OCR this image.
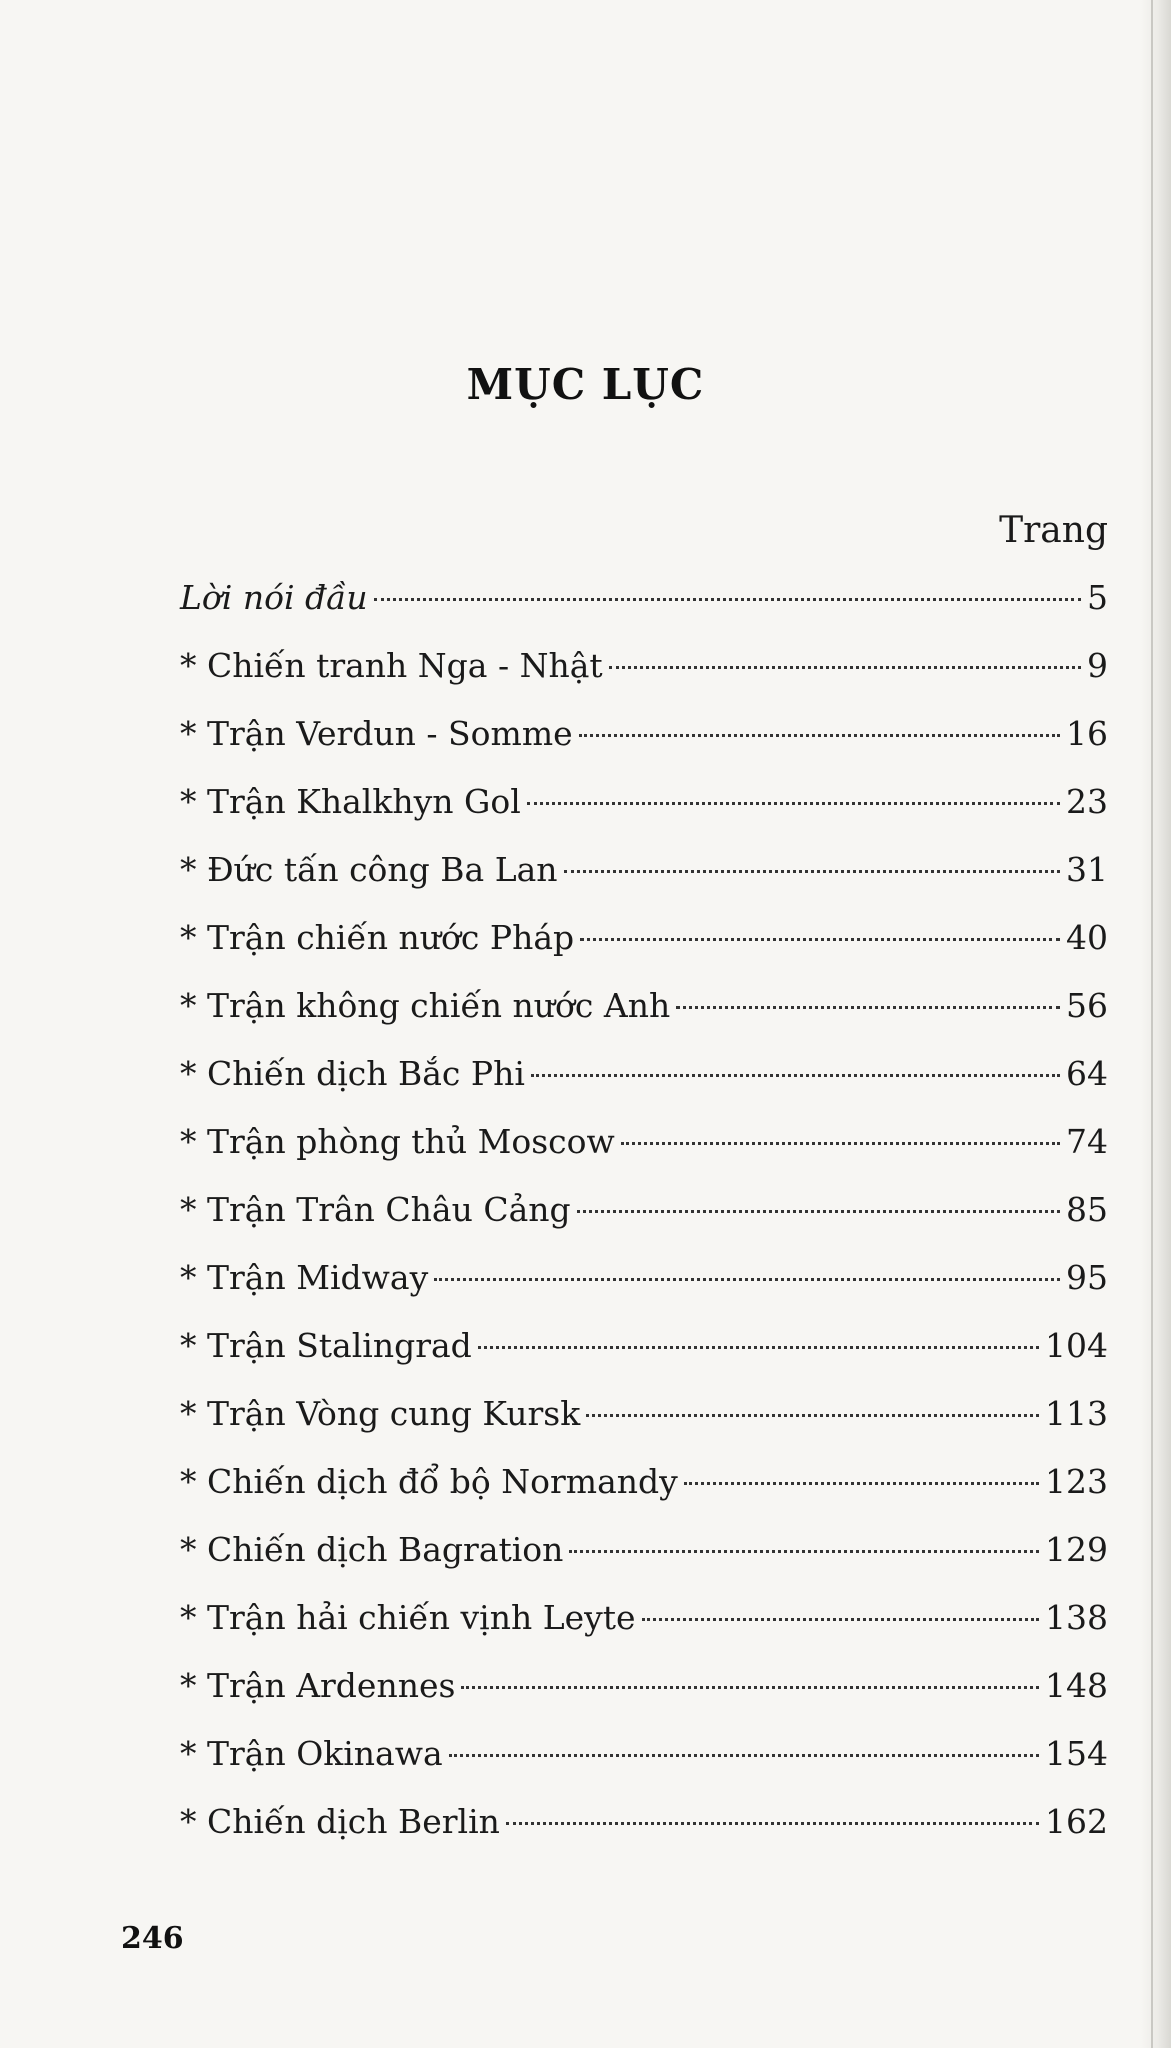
MỤC LỤC
Trang
Lời nói đầu	5
* Chiến tranh Nga - Nhật	9
* Trận Verdun - Somme	16
* Trận Khalkhyn Gol	23
* Đức tấn công Ba Lan	31
* Trận chiến nước Pháp	40
* Trận không chiến nước Anh	56
* Chiến dịch Bắc Phi	64
* Trận phòng thủ Moscow	74
* Trận Trân Châu Cảng	85
* Trận Midway	95
* Trận Stalingrad	104
* Trận Vòng cung Kursk	113
* Chiến dịch đổ bộ Normandy	123
* Chiến dịch Bagration	129
* Trận hải chiến vịnh Leyte	138
* Trận Ardennes	148
* Trận Okinawa	154
* Chiến dịch Berlin	162
246
